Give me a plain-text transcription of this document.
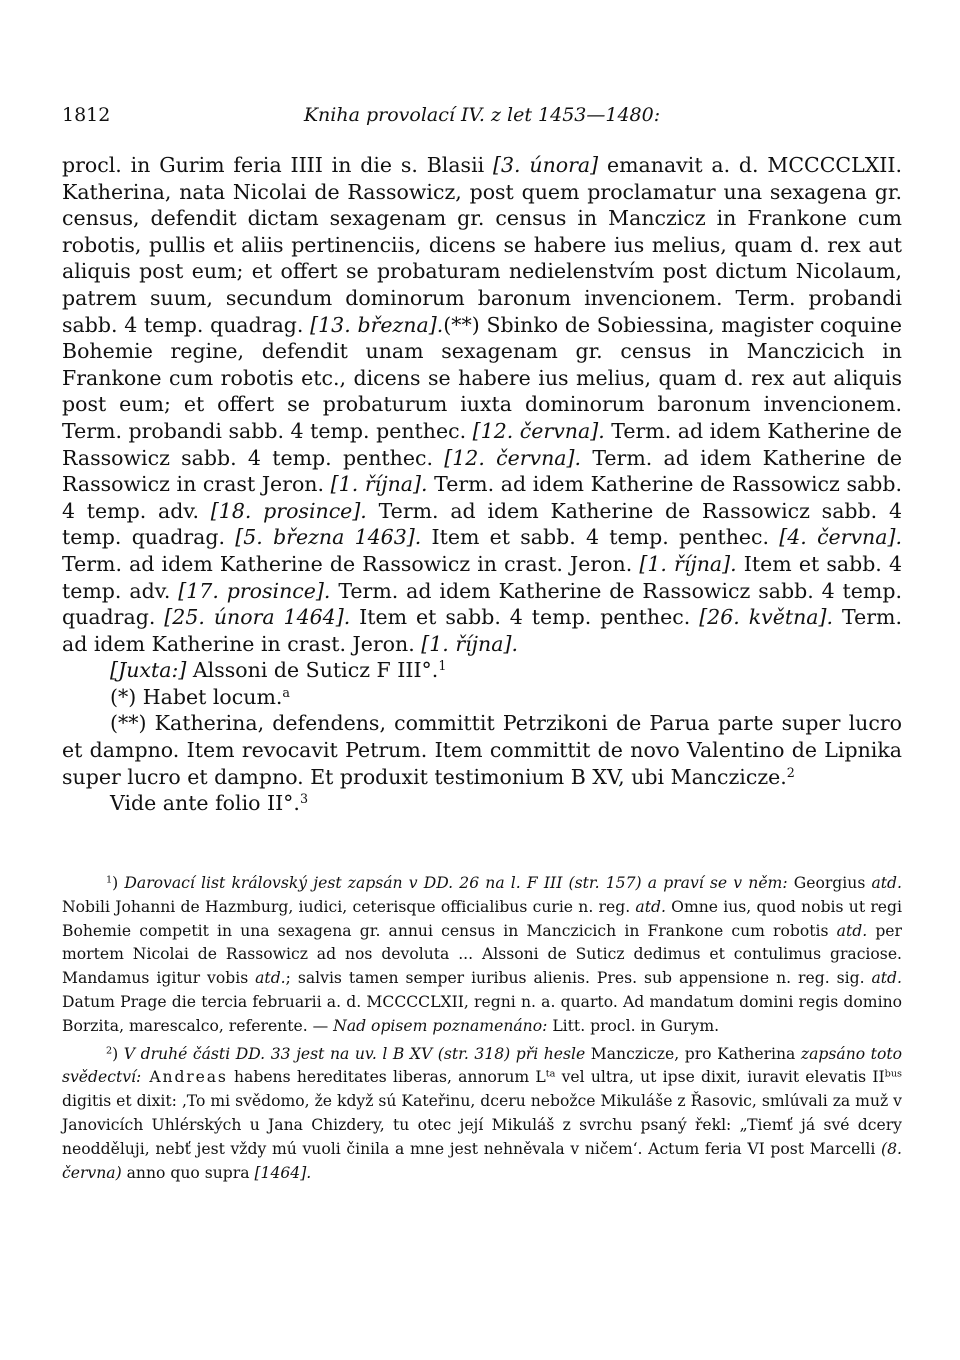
1812	Kniha provolací IV. z let 1453—1480:

procl. in Gurim feria IIII in die s. Blasii [3. února] emanavit a. d. MCCCCLXII. Katherina, nata Nicolai de Rassowicz, post quem proclamatur una sexagena gr. census, defendit dictam sexagenam gr. census in Manczicz in Frankone cum robotis, pullis et aliis pertinenciis, dicens se habere ius melius, quam d. rex aut aliquis post eum; et offert se probaturam nedielenstvím post dictum Nicolaum, patrem suum, secundum dominorum baronum invencionem. Term. probandi sabb. 4 temp. quadrag. [13. března].(**) Sbinko de Sobiessina, magister coquine Bohemie regine, defendit unam sexagenam gr. census in Manczicich in Frankone cum robotis etc., dicens se habere ius melius, quam d. rex aut aliquis post eum; et offert se probaturum iuxta dominorum baronum invencionem. Term. probandi sabb. 4 temp. penthec. [12. června]. Term. ad idem Katherine de Rassowicz sabb. 4 temp. penthec. [12. června]. Term. ad idem Katherine de Rassowicz in crast Jeron. [1. října]. Term. ad idem Katherine de Rassowicz sabb. 4 temp. adv. [18. prosince]. Term. ad idem Katherine de Rassowicz sabb. 4 temp. quadrag. [5. března 1463]. Item et sabb. 4 temp. penthec. [4. června]. Term. ad idem Katherine de Rassowicz in crast. Jeron. [1. října]. Item et sabb. 4 temp. adv. [17. prosince]. Term. ad idem Katherine de Rassowicz sabb. 4 temp. quadrag. [25. února 1464]. Item et sabb. 4 temp. penthec. [26. května]. Term. ad idem Katherine in crast. Jeron. [1. října].

[Juxta:] Alssoni de Suticz F III°.$^1$

(*) Habet locum.$^a$

(**) Katherina, defendens, committit Petrzikoni de Parua parte super lucro et dampno. Item revocavit Petrum. Item committit de novo Valentino de Lipnika super lucro et dampno. Et produxit testimonium B XV, ubi Manczicze.$^2$

Vide ante folio II°.$^3$

$^1$) Darovací list královský jest zapsán v DD. 26 na l. F III (str. 157) a praví se v něm: Georgius atd. Nobili Johanni de Hazmburg, iudici, ceterisque officialibus curie n. reg. atd. Omne ius, quod nobis ut regi Bohemie competit in una sexagena gr. annui census in Manczicich in Frankone cum robotis atd. per mortem Nicolai de Rassowicz ad nos devoluta ... Alssoni de Suticz dedimus et contulimus graciose. Mandamus igitur vobis atd.; salvis tamen semper iuribus alienis. Pres. sub appensione n. reg. sig. atd. Datum Prage die tercia februarii a. d. MCCCCLXII, regni n. a. quarto. Ad mandatum domini regis domino Borzita, marescalco, referente. — Nad opisem poznamenáno: Litt. procl. in Gurym.

$^2$) V druhé části DD. 33 jest na uv. l B XV (str. 318) při hesle Manczicze, pro Katherina zapsáno toto svědectví: Andreas habens hereditates liberas, annorum $L^{ta}$ vel ultra, ut ipse dixit, iuravit elevatis $II^{bus}$ digitis et dixit: ‚To mi svědomo, že když sú Kateřinu, dceru nebožce Mikuláše z Řasovic, smlúvali za muž v Janovicích Uhlérských u Jana Chizdery, tu otec její Mikuláš z svrchu psaný řekl: „Tiemť já své dcery neodděluji, nebť jest vždy mú vuoli činila a mne jest nehněvala v ničem‘. Actum feria VI post Marcelli (8. června) anno quo supra [1464].
